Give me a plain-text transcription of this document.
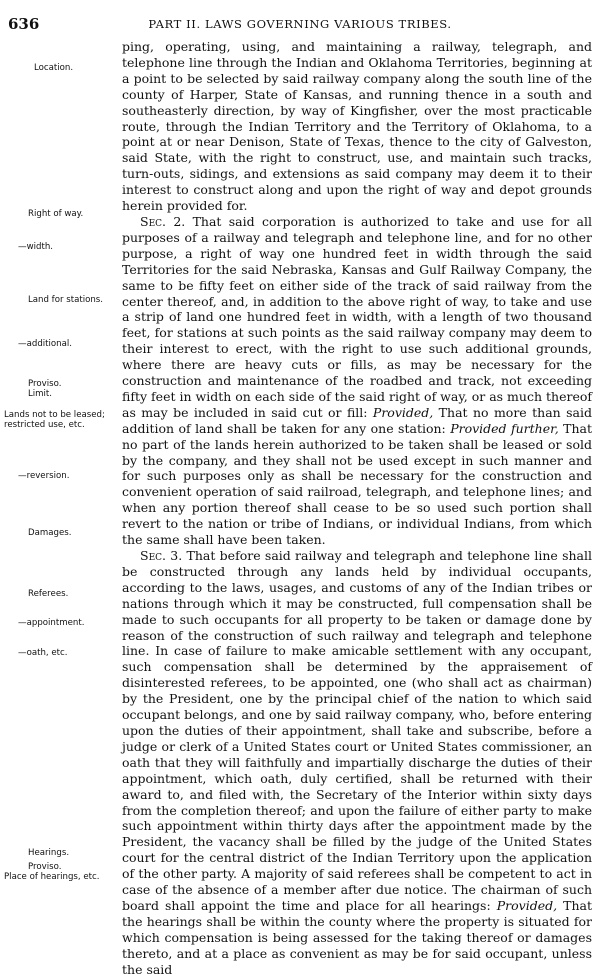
636	PART II. LAWS GOVERNING VARIOUS TRIBES.
Location.
Right of way.
—width.
Land for stations.
—additional.
Proviso.
Limit.
Lands not to be leased; restricted use, etc.
—reversion.
Damages.
Referees.
—appointment.
—oath, etc.
Hearings.
Proviso.
Place of hearings, etc.

ping, operating, using, and maintaining a railway, telegraph, and telephone line through the Indian and Oklahoma Territories, beginning at a point to be selected by said railway company along the south line of the county of Harper, State of Kansas, and running thence in a south and southeasterly direction, by way of Kingfisher, over the most practicable route, through the Indian Territory and the Territory of Oklahoma, to a point at or near Denison, State of Texas, thence to the city of Galveston, said State, with the right to construct, use, and maintain such tracks, turn-outs, sidings, and extensions as said company may deem it to their interest to construct along and upon the right of way and depot grounds herein provided for.

Sec. 2. That said corporation is authorized to take and use for all purposes of a railway and telegraph and telephone line, and for no other purpose, a right of way one hundred feet in width through the said Territories for the said Nebraska, Kansas and Gulf Railway Company, the same to be fifty feet on either side of the track of said railway from the center thereof, and, in addition to the above right of way, to take and use a strip of land one hundred feet in width, with a length of two thousand feet, for stations at such points as the said railway company may deem to their interest to erect, with the right to use such additional grounds, where there are heavy cuts or fills, as may be necessary for the construction and maintenance of the roadbed and track, not exceeding fifty feet in width on each side of the said right of way, or as much thereof as may be included in said cut or fill: Provided, That no more than said addition of land shall be taken for any one station: Provided further, That no part of the lands herein authorized to be taken shall be leased or sold by the company, and they shall not be used except in such manner and for such purposes only as shall be necessary for the construction and convenient operation of said railroad, telegraph, and telephone lines; and when any portion thereof shall cease to be so used such portion shall revert to the nation or tribe of Indians, or individual Indians, from which the same shall have been taken.

Sec. 3. That before said railway and telegraph and telephone line shall be constructed through any lands held by individual occupants, according to the laws, usages, and customs of any of the Indian tribes or nations through which it may be constructed, full compensation shall be made to such occupants for all property to be taken or damage done by reason of the construction of such railway and telegraph and telephone line. In case of failure to make amicable settlement with any occupant, such compensation shall be determined by the appraisement of disinterested referees, to be appointed, one (who shall act as chairman) by the President, one by the principal chief of the nation to which said occupant belongs, and one by said railway company, who, before entering upon the duties of their appointment, shall take and subscribe, before a judge or clerk of a United States court or United States commissioner, an oath that they will faithfully and impartially discharge the duties of their appointment, which oath, duly certified, shall be returned with their award to, and filed with, the Secretary of the Interior within sixty days from the completion thereof; and upon the failure of either party to make such appointment within thirty days after the appointment made by the President, the vacancy shall be filled by the judge of the United States court for the central district of the Indian Territory upon the application of the other party. A majority of said referees shall be competent to act in case of the absence of a member after due notice. The chairman of such board shall appoint the time and place for all hearings: Provided, That the hearings shall be within the county where the property is situated for which compensation is being assessed for the taking thereof or damages thereto, and at a place as convenient as may be for said occupant, unless the said
